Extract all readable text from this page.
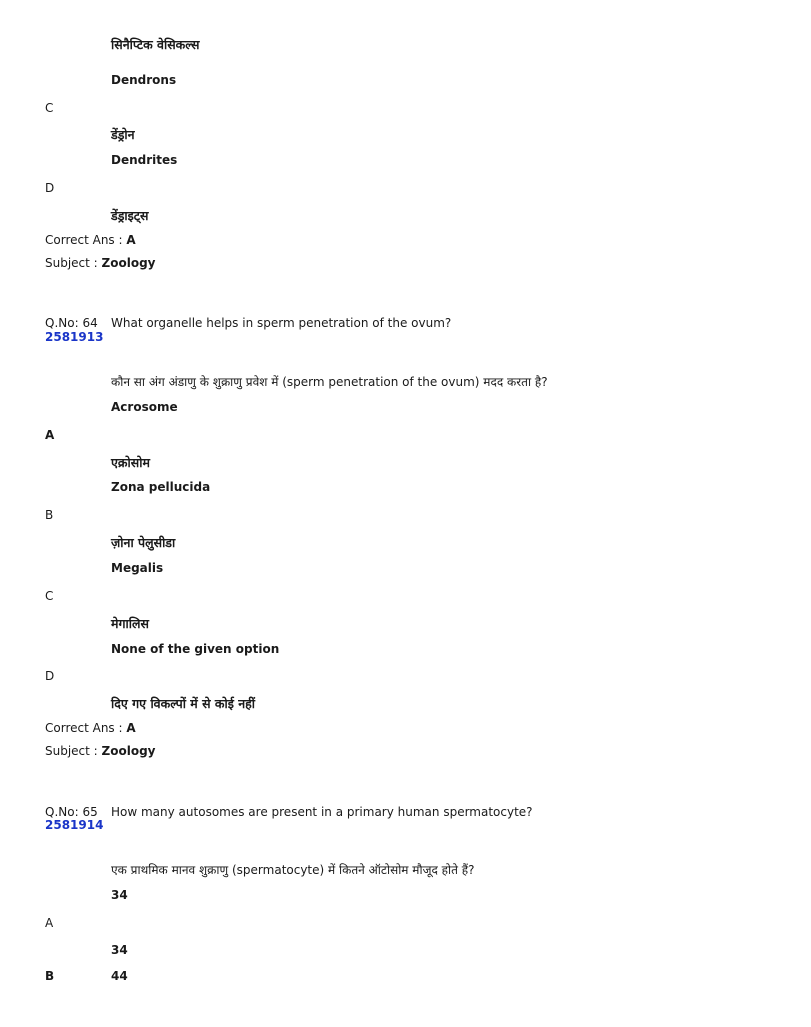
सिनैप्टिक वेसिकल्स
Dendrons
C
डेंड्रोन
Dendrites
D
डेंड्राइट्स
Correct Ans : A
Subject : Zoology
Q.No: 64
2581913
What organelle helps in sperm penetration of the ovum?
कौन सा अंग अंडाणु के शुक्राणु प्रवेश में (sperm penetration of the ovum) मदद करता है?
Acrosome
A
एक्रोसोम
Zona pellucida
B
ज़ोना पेलुसीडा
Megalis
C
मेगालिस
None of the given option
D
दिए गए विकल्पों में से कोई नहीं
Correct Ans : A
Subject : Zoology
Q.No: 65
2581914
How many autosomes are present in a primary human spermatocyte?
एक प्राथमिक मानव शुक्राणु (spermatocyte) में कितने ऑटोसोम मौजूद होते हैं?
34
A
34
B	44
